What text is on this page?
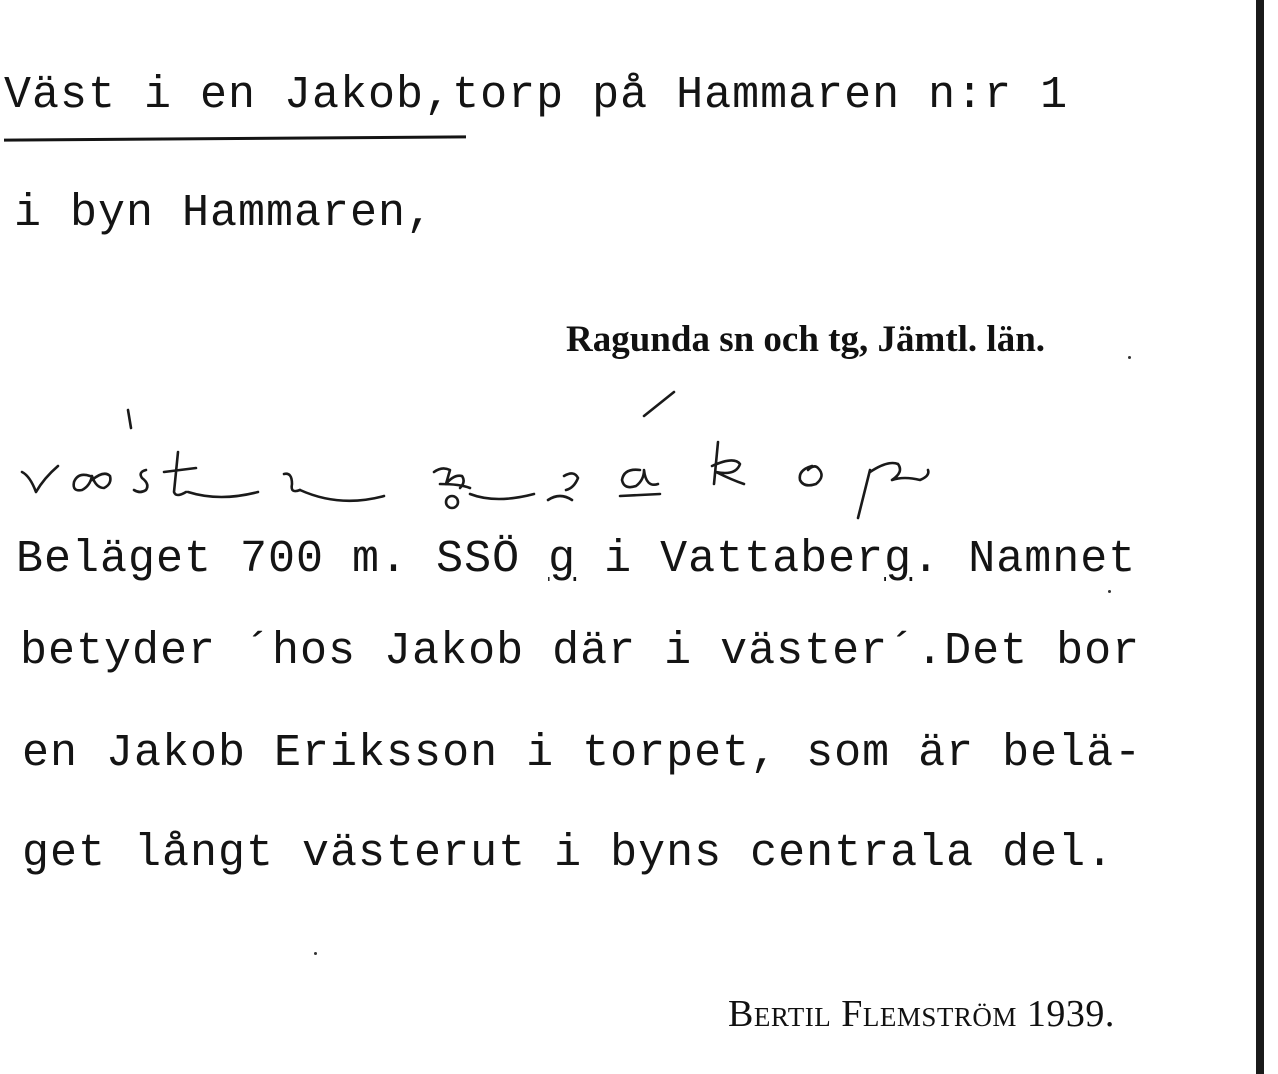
Väst i en Jakob,torp på Hammaren n:r 1
i byn Hammaren,
Ragunda sn och tg, Jämtl. län.
Beläget 700 m. SSÖ g i Vattaberg. Namnet
betyder ´hos Jakob där i väster´.Det bor
en Jakob Eriksson i torpet, som är belä-
get långt västerut i byns centrala del.
Bertil Flemström 1939.
